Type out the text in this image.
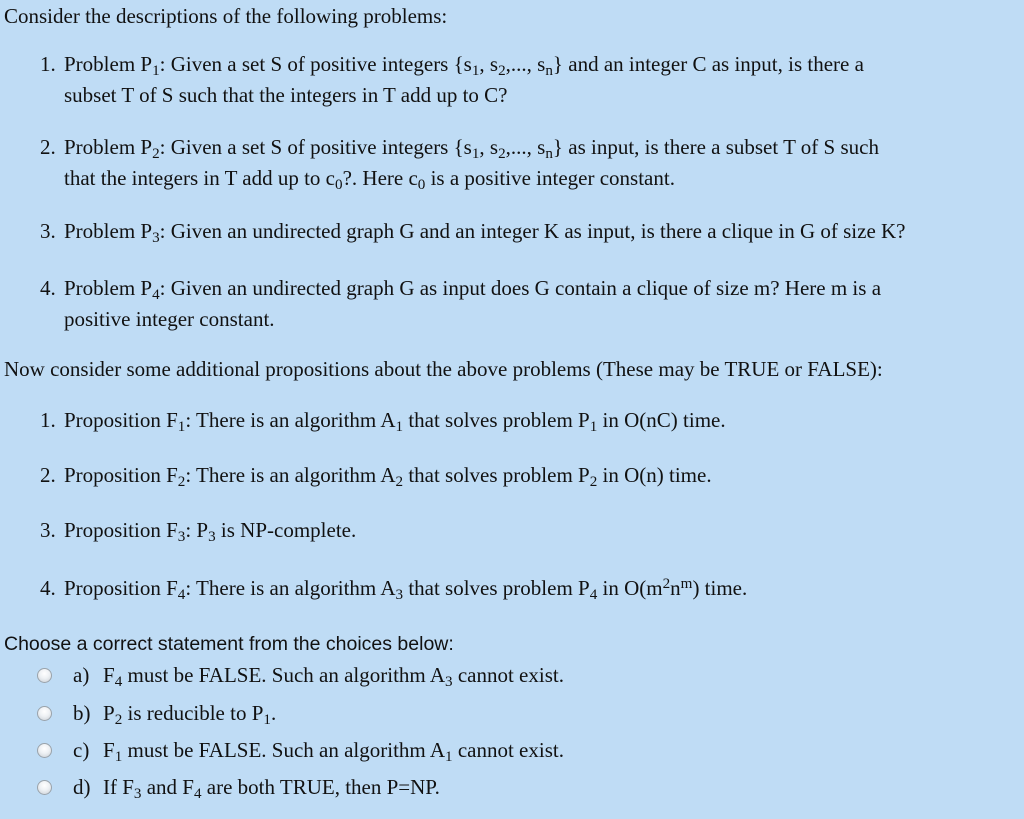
Consider the descriptions of the following problems:
1. Problem $P_1$: Given a set S of positive integers {$s_1$, $s_2$,..., $s_n$} and an integer C as input, is there a
subset T of S such that the integers in T add up to C?
2. Problem $P_2$: Given a set S of positive integers {$s_1$, $s_2$,..., $s_n$} as input, is there a subset T of S such
that the integers in T add up to $c_0$?. Here $c_0$ is a positive integer constant.
3. Problem $P_3$: Given an undirected graph G and an integer K as input, is there a clique in G of size K?
4. Problem $P_4$: Given an undirected graph G as input does G contain a clique of size m? Here m is a
positive integer constant.
Now consider some additional propositions about the above problems (These may be TRUE or FALSE):
1. Proposition $F_1$: There is an algorithm $A_1$ that solves problem $P_1$ in O(nC) time.
2. Proposition $F_2$: There is an algorithm $A_2$ that solves problem $P_2$ in O(n) time.
3. Proposition $F_3$: $P_3$ is NP-complete.
4. Proposition $F_4$: There is an algorithm $A_3$ that solves problem $P_4$ in $O(m^2n^m)$ time.
Choose a correct statement from the choices below:
a) $F_4$ must be FALSE. Such an algorithm $A_3$ cannot exist.
b) $P_2$ is reducible to $P_1$.
c) $F_1$ must be FALSE. Such an algorithm $A_1$ cannot exist.
d) If $F_3$ and $F_4$ are both TRUE, then P=NP.
